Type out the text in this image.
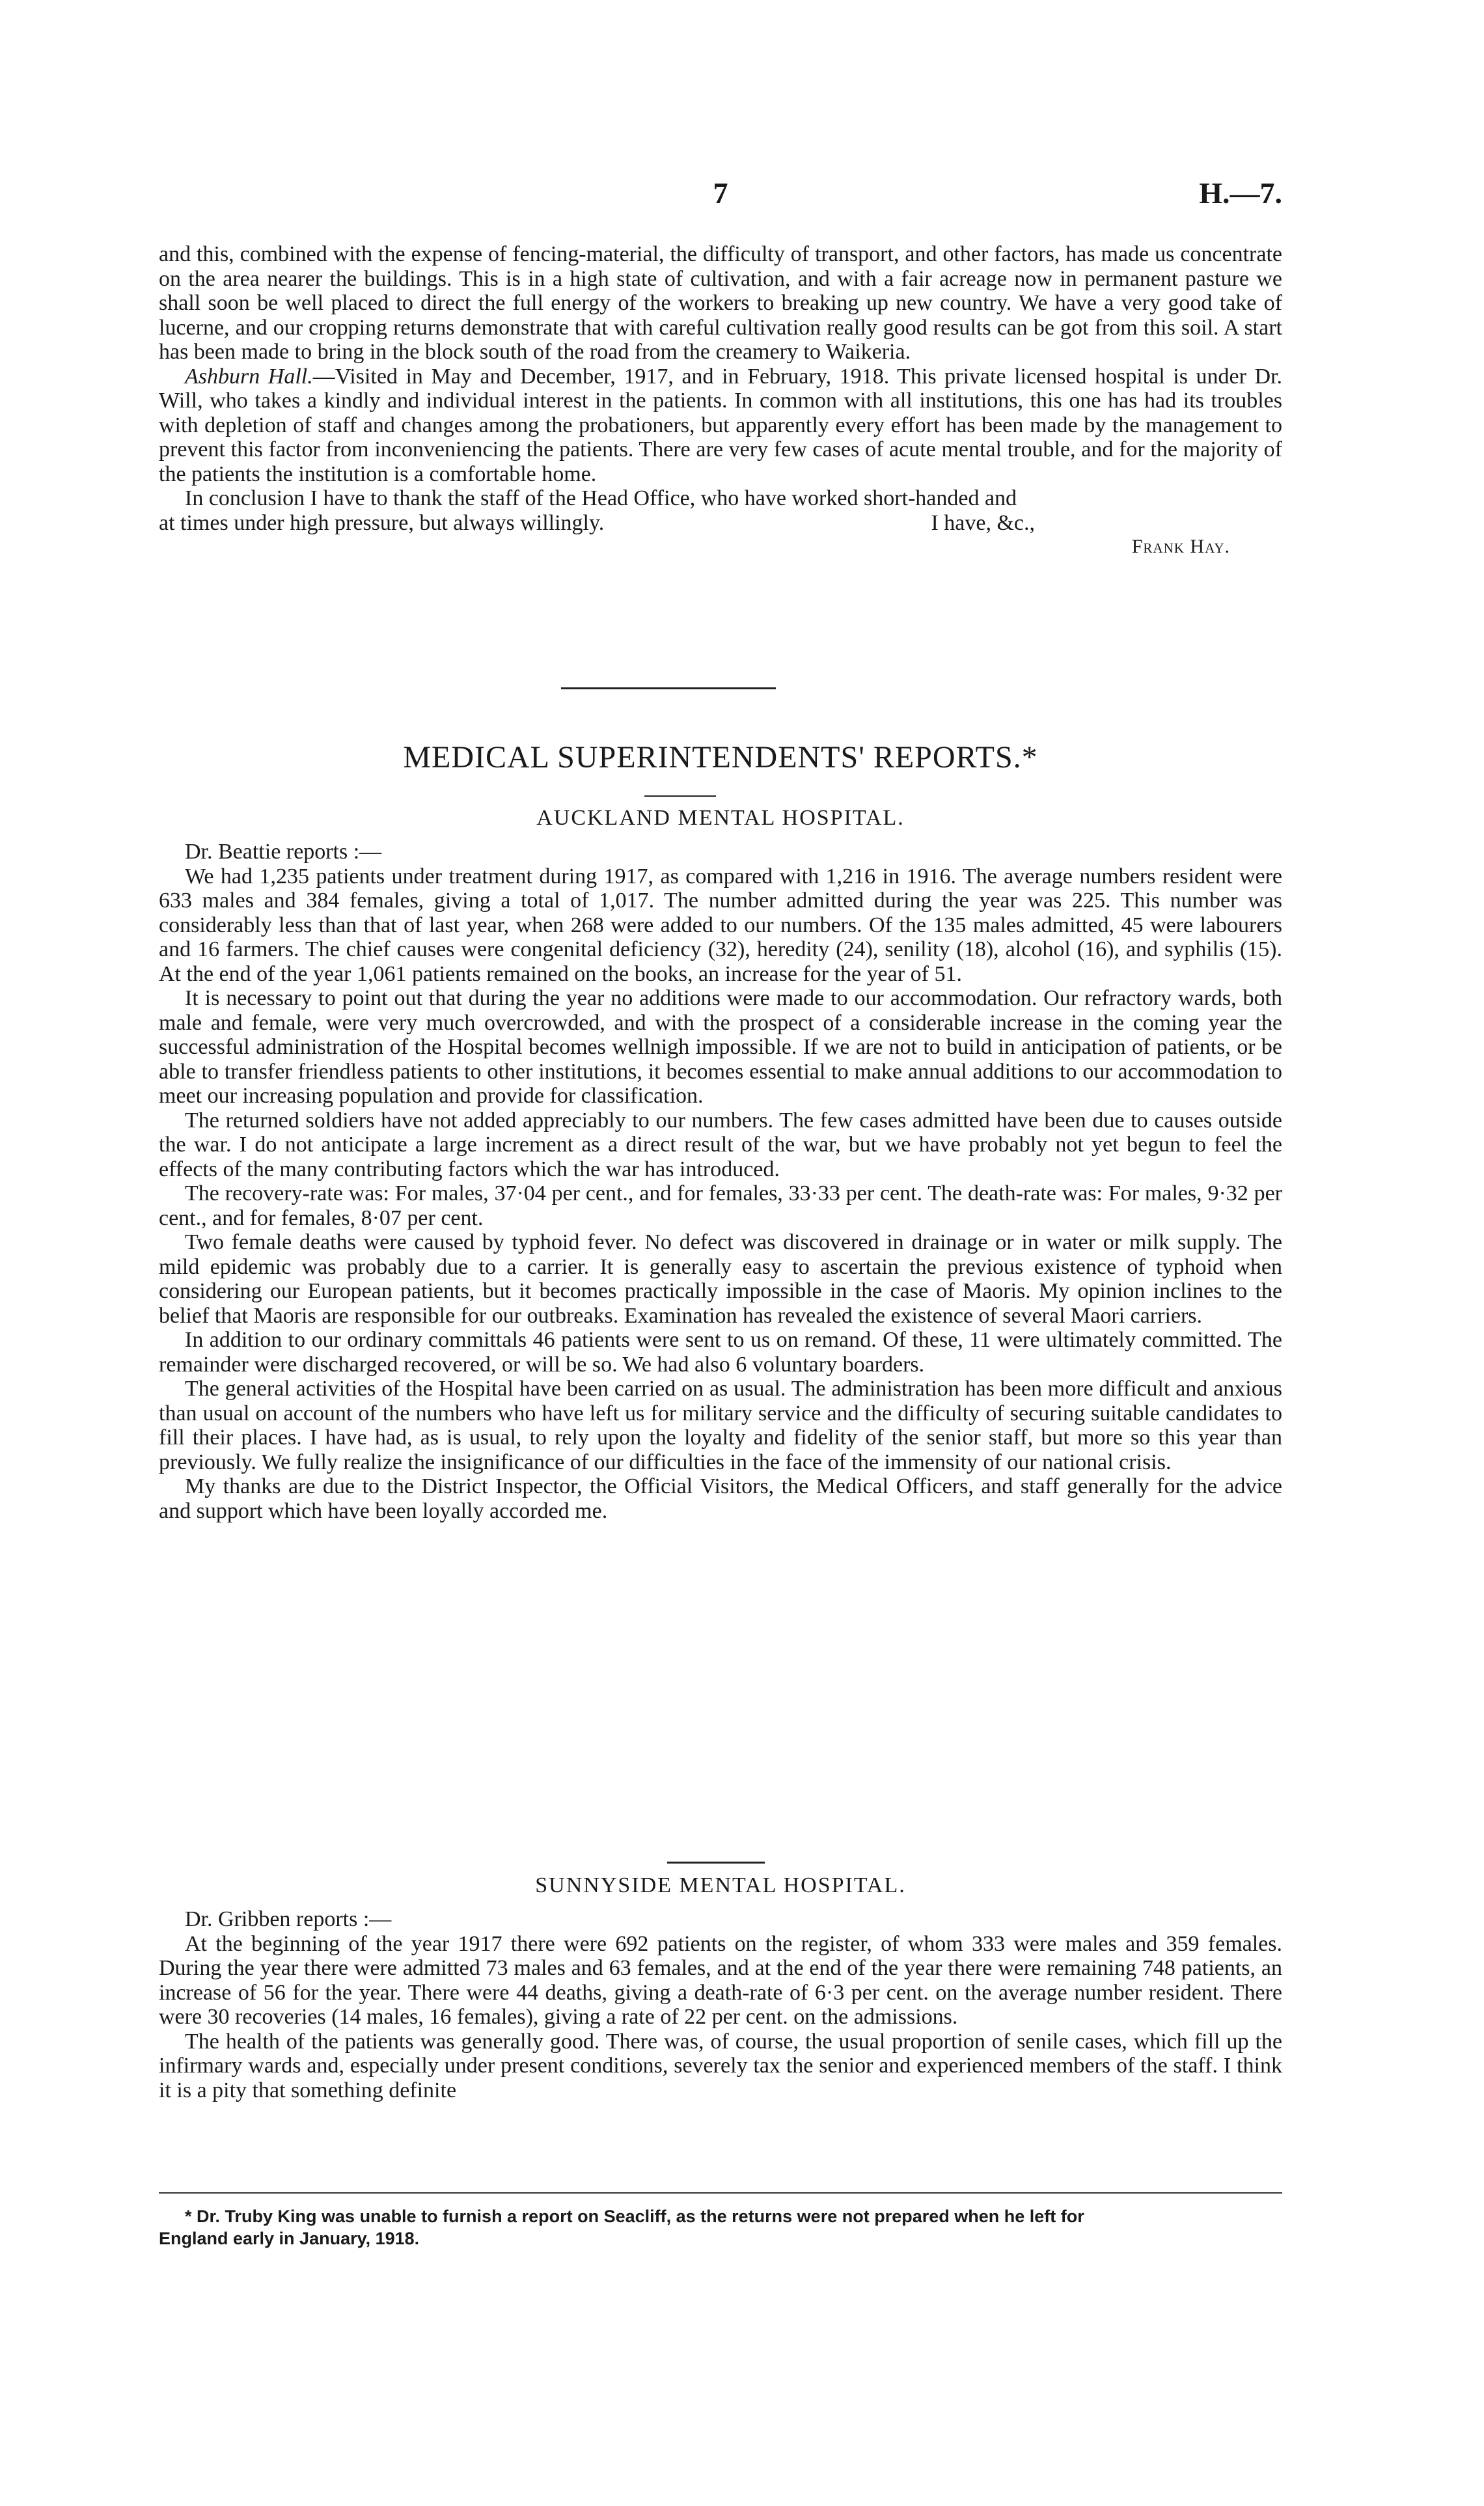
7	H.—7.

and this, combined with the expense of fencing-material, the difficulty of transport, and other factors, has made us concentrate on the area nearer the buildings. This is in a high state of cultivation, and with a fair acreage now in permanent pasture we shall soon be well placed to direct the full energy of the workers to breaking up new country. We have a very good take of lucerne, and our cropping returns demonstrate that with careful cultivation really good results can be got from this soil. A start has been made to bring in the block south of the road from the creamery to Waikeria.

Ashburn Hall.—Visited in May and December, 1917, and in February, 1918. This private licensed hospital is under Dr. Will, who takes a kindly and individual interest in the patients. In common with all institutions, this one has had its troubles with depletion of staff and changes among the probationers, but apparently every effort has been made by the management to prevent this factor from inconveniencing the patients. There are very few cases of acute mental trouble, and for the majority of the patients the institution is a comfortable home.

In conclusion I have to thank the staff of the Head Office, who have worked short-handed and

at times under high pressure, but always willingly.	I have, &c.,
Frank Hay.
MEDICAL SUPERINTENDENTS' REPORTS.*
AUCKLAND MENTAL HOSPITAL.

Dr. Beattie reports :—

We had 1,235 patients under treatment during 1917, as compared with 1,216 in 1916. The average numbers resident were 633 males and 384 females, giving a total of 1,017. The number admitted during the year was 225. This number was considerably less than that of last year, when 268 were added to our numbers. Of the 135 males admitted, 45 were labourers and 16 farmers. The chief causes were congenital deficiency (32), heredity (24), senility (18), alcohol (16), and syphilis (15). At the end of the year 1,061 patients remained on the books, an increase for the year of 51.

It is necessary to point out that during the year no additions were made to our accommodation. Our refractory wards, both male and female, were very much overcrowded, and with the prospect of a considerable increase in the coming year the successful administration of the Hospital becomes wellnigh impossible. If we are not to build in anticipation of patients, or be able to transfer friendless patients to other institutions, it becomes essential to make annual additions to our accommodation to meet our increasing population and provide for classification.

The returned soldiers have not added appreciably to our numbers. The few cases admitted have been due to causes outside the war. I do not anticipate a large increment as a direct result of the war, but we have probably not yet begun to feel the effects of the many contributing factors which the war has introduced.

The recovery-rate was: For males, 37·04 per cent., and for females, 33·33 per cent. The death-rate was: For males, 9·32 per cent., and for females, 8·07 per cent.

Two female deaths were caused by typhoid fever. No defect was discovered in drainage or in water or milk supply. The mild epidemic was probably due to a carrier. It is generally easy to ascertain the previous existence of typhoid when considering our European patients, but it becomes practically impossible in the case of Maoris. My opinion inclines to the belief that Maoris are responsible for our outbreaks. Examination has revealed the existence of several Maori carriers.

In addition to our ordinary committals 46 patients were sent to us on remand. Of these, 11 were ultimately committed. The remainder were discharged recovered, or will be so. We had also 6 voluntary boarders.

The general activities of the Hospital have been carried on as usual. The administration has been more difficult and anxious than usual on account of the numbers who have left us for military service and the difficulty of securing suitable candidates to fill their places. I have had, as is usual, to rely upon the loyalty and fidelity of the senior staff, but more so this year than previously. We fully realize the insignificance of our difficulties in the face of the immensity of our national crisis.

My thanks are due to the District Inspector, the Official Visitors, the Medical Officers, and staff generally for the advice and support which have been loyally accorded me.

SUNNYSIDE MENTAL HOSPITAL.

Dr. Gribben reports :—

At the beginning of the year 1917 there were 692 patients on the register, of whom 333 were males and 359 females. During the year there were admitted 73 males and 63 females, and at the end of the year there were remaining 748 patients, an increase of 56 for the year. There were 44 deaths, giving a death-rate of 6·3 per cent. on the average number resident. There were 30 recoveries (14 males, 16 females), giving a rate of 22 per cent. on the admissions.

The health of the patients was generally good. There was, of course, the usual proportion of senile cases, which fill up the infirmary wards and, especially under present conditions, severely tax the senior and experienced members of the staff. I think it is a pity that something definite

* Dr. Truby King was unable to furnish a report on Seacliff, as the returns were not prepared when he left for
England early in January, 1918.
